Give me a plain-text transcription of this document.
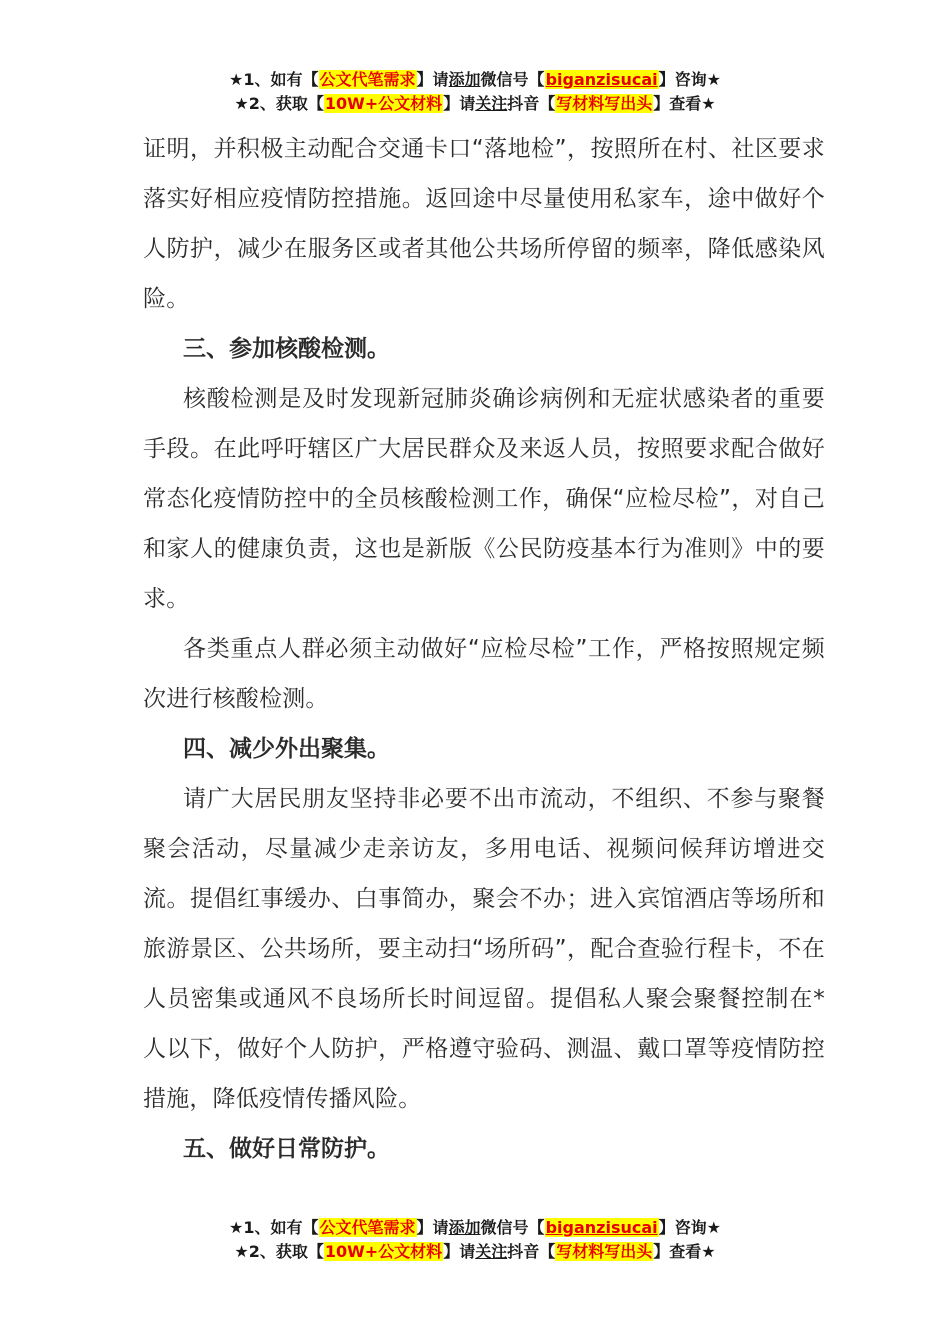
★1、如有【公文代笔需求】请添加微信号【biganzisucai】咨询★
★2、获取【10W+公文材料】请关注抖音【写材料写出头】查看★

证明，并积极主动配合交通卡口“落地检”，按照所在村、社区要求落实好相应疫情防控措施。返回途中尽量使用私家车，途中做好个人防护，减少在服务区或者其他公共场所停留的频率，降低感染风险。

三、参加核酸检测。

核酸检测是及时发现新冠肺炎确诊病例和无症状感染者的重要手段。在此呼吁辖区广大居民群众及来返人员，按照要求配合做好常态化疫情防控中的全员核酸检测工作，确保“应检尽检”，对自己和家人的健康负责，这也是新版《公民防疫基本行为准则》中的要求。

各类重点人群必须主动做好“应检尽检”工作，严格按照规定频次进行核酸检测。

四、减少外出聚集。

请广大居民朋友坚持非必要不出市流动，不组织、不参与聚餐聚会活动，尽量减少走亲访友，多用电话、视频问候拜访增进交流。提倡红事缓办、白事简办，聚会不办；进入宾馆酒店等场所和旅游景区、公共场所，要主动扫“场所码”，配合查验行程卡，不在人员密集或通风不良场所长时间逗留。提倡私人聚会聚餐控制在*人以下，做好个人防护，严格遵守验码、测温、戴口罩等疫情防控措施，降低疫情传播风险。

五、做好日常防护。

★1、如有【公文代笔需求】请添加微信号【biganzisucai】咨询★
★2、获取【10W+公文材料】请关注抖音【写材料写出头】查看★
